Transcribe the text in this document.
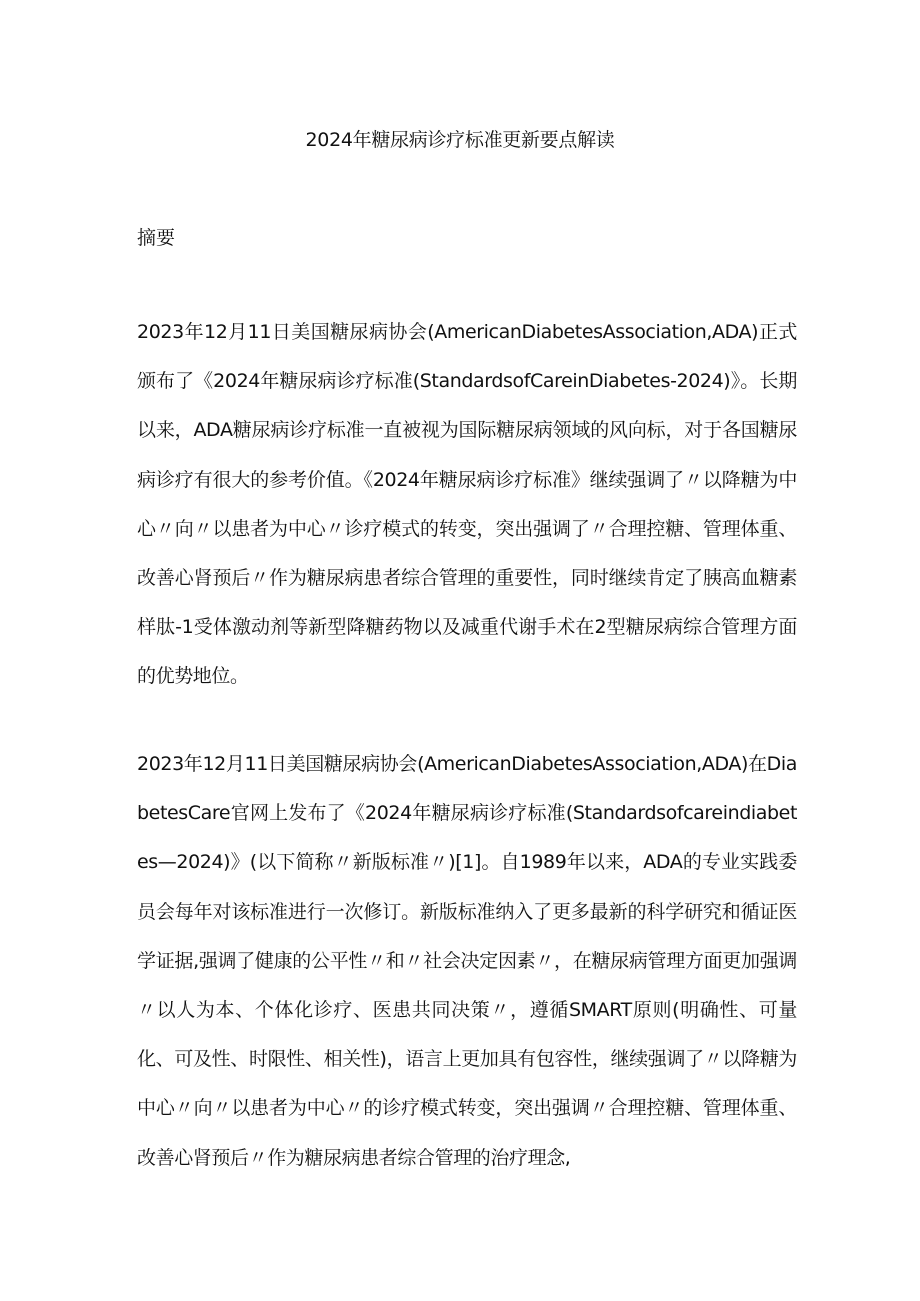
2024年糖尿病诊疗标准更新要点解读
摘要

2023年12月11日美国糖尿病协会(AmericanDiabetesAssociation,ADA)正式颁布了《2024年糖尿病诊疗标准(StandardsofCareinDiabetes-2024)》。长期以来，ADA糖尿病诊疗标准一直被视为国际糖尿病领域的风向标，对于各国糖尿病诊疗有很大的参考价值。《2024年糖尿病诊疗标准》继续强调了〃以降糖为中心〃向〃以患者为中心〃诊疗模式的转变，突出强调了〃合理控糖、管理体重、改善心肾预后〃作为糖尿病患者综合管理的重要性，同时继续肯定了胰高血糖素样肽-1受体激动剂等新型降糖药物以及减重代谢手术在2型糖尿病综合管理方面的优势地位。

2023年12月11日美国糖尿病协会(AmericanDiabetesAssociation,ADA)在DiabetesCare官网上发布了《2024年糖尿病诊疗标准(Standardsofcareindiabetes—2024)》(以下简称〃新版标准〃)[1]。自1989年以来，ADA的专业实践委员会每年对该标准进行一次修订。新版标准纳入了更多最新的科学研究和循证医学证据,强调了健康的公平性〃和〃社会决定因素〃，在糖尿病管理方面更加强调〃以人为本、个体化诊疗、医患共同决策〃，遵循SMART原则(明确性、可量化、可及性、时限性、相关性)，语言上更加具有包容性，继续强调了〃以降糖为中心〃向〃以患者为中心〃的诊疗模式转变，突出强调〃合理控糖、管理体重、改善心肾预后〃作为糖尿病患者综合管理的治疗理念,
